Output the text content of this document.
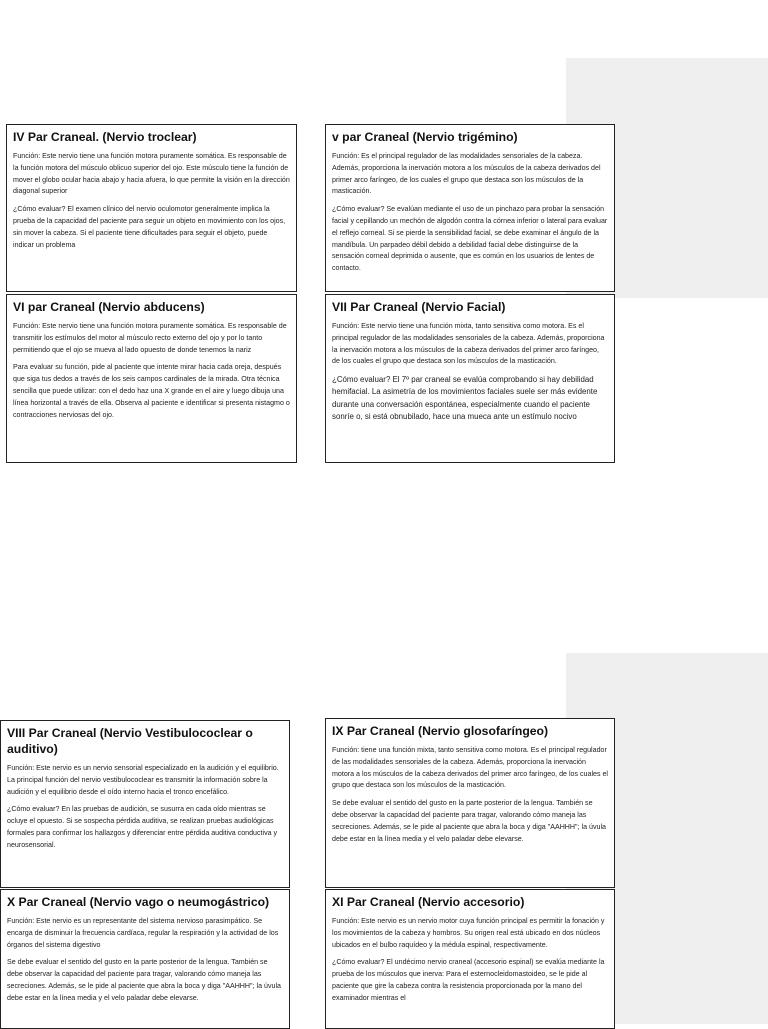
IV Par Craneal. (Nervio troclear)

Función: Este nervio tiene una función motora puramente somática. Es responsable de la función motora del músculo oblicuo superior del ojo. Este músculo tiene la función de mover el globo ocular hacia abajo y hacia afuera, lo que permite la visión en la dirección diagonal superior

¿Cómo evaluar? El examen clínico del nervio oculomotor generalmente implica la prueba de la capacidad del paciente para seguir un objeto en movimiento con los ojos, sin mover la cabeza. Si el paciente tiene dificultades para seguir el objeto, puede indicar un problema

v par Craneal (Nervio trigémino)

Función: Es el principal regulador de las modalidades sensoriales de la cabeza. Además, proporciona la inervación motora a los músculos de la cabeza derivados del primer arco faríngeo, de los cuales el grupo que destaca son los músculos de la masticación.

¿Cómo evaluar? Se evalúan mediante el uso de un pinchazo para probar la sensación facial y cepillando un mechón de algodón contra la córnea inferior o lateral para evaluar el reflejo corneal. Si se pierde la sensibilidad facial, se debe examinar el ángulo de la mandíbula. Un parpadeo débil debido a debilidad facial debe distinguirse de la sensación corneal deprimida o ausente, que es común en los usuarios de lentes de contacto.

VI par Craneal (Nervio abducens)

Función: Este nervio tiene una función motora puramente somática. Es responsable de transmitir los estímulos del motor al músculo recto externo del ojo y por lo tanto permitiendo que el ojo se mueva al lado opuesto de donde tenemos la nariz

Para evaluar su función, pide al paciente que intente mirar hacia cada oreja, después que siga tus dedos a través de los seis campos cardinales de la mirada. Otra técnica sencilla que puede utilizar: con el dedo haz una X grande en el aire y luego dibuja una línea horizontal a través de ella. Observa al paciente e identificar si presenta nistagmo o contracciones nerviosas del ojo.

VII Par Craneal (Nervio Facial)

Función: Este nervio tiene una función mixta, tanto sensitiva como motora. Es el principal regulador de las modalidades sensoriales de la cabeza. Además, proporciona la inervación motora a los músculos de la cabeza derivados del primer arco faríngeo, de los cuales el grupo que destaca son los músculos de la masticación.

¿Cómo evaluar? El 7º par craneal se evalúa comprobando si hay debilidad hemifacial. La asimetría de los movimientos faciales suele ser más evidente durante una conversación espontánea, especialmente cuando el paciente sonríe o, si está obnubilado, hace una mueca ante un estímulo nocivo

VIII Par Craneal (Nervio Vestibulococlear o auditivo)

Función: Este nervio es un nervio sensorial especializado en la audición y el equilibrio. La principal función del nervio vestibulococlear es transmitir la información sobre la audición y el equilibrio desde el oído interno hacia el tronco encefálico.

¿Cómo evaluar? En las pruebas de audición, se susurra en cada oído mientras se ocluye el opuesto. Si se sospecha pérdida auditiva, se realizan pruebas audiológicas formales para confirmar los hallazgos y diferenciar entre pérdida auditiva conductiva y neurosensorial.

IX Par Craneal (Nervio glosofaríngeo)

Función: tiene una función mixta, tanto sensitiva como motora. Es el principal regulador de las modalidades sensoriales de la cabeza. Además, proporciona la inervación motora a los músculos de la cabeza derivados del primer arco faríngeo, de los cuales el grupo que destaca son los músculos de la masticación.

Se debe evaluar el sentido del gusto en la parte posterior de la lengua. También se debe observar la capacidad del paciente para tragar, valorando cómo maneja las secreciones. Además, se le pide al paciente que abra la boca y diga "AAHHH"; la úvula debe estar en la línea media y el velo paladar debe elevarse.

X Par Craneal (Nervio vago o neumogástrico)

Función: Este nervio es un representante del sistema nervioso parasimpático. Se encarga de disminuir la frecuencia cardíaca, regular la respiración y la actividad de los órganos del sistema digestivo

Se debe evaluar el sentido del gusto en la parte posterior de la lengua. También se debe observar la capacidad del paciente para tragar, valorando cómo maneja las secreciones. Además, se le pide al paciente que abra la boca y diga "AAHHH"; la úvula debe estar en la línea media y el velo paladar debe elevarse.

XI Par Craneal (Nervio accesorio)

Función: Este nervio es un nervio motor cuya función principal es permitir la fonación y los movimientos de la cabeza y hombros. Su origen real está ubicado en dos núcleos ubicados en el bulbo raquídeo y la médula espinal, respectivamente.

¿Cómo evaluar? El undécimo nervio craneal (accesorio espinal) se evalúa mediante la prueba de los músculos que inerva: Para el esternocleidomastoideo, se le pide al paciente que gire la cabeza contra la resistencia proporcionada por la mano del examinador mientras el
